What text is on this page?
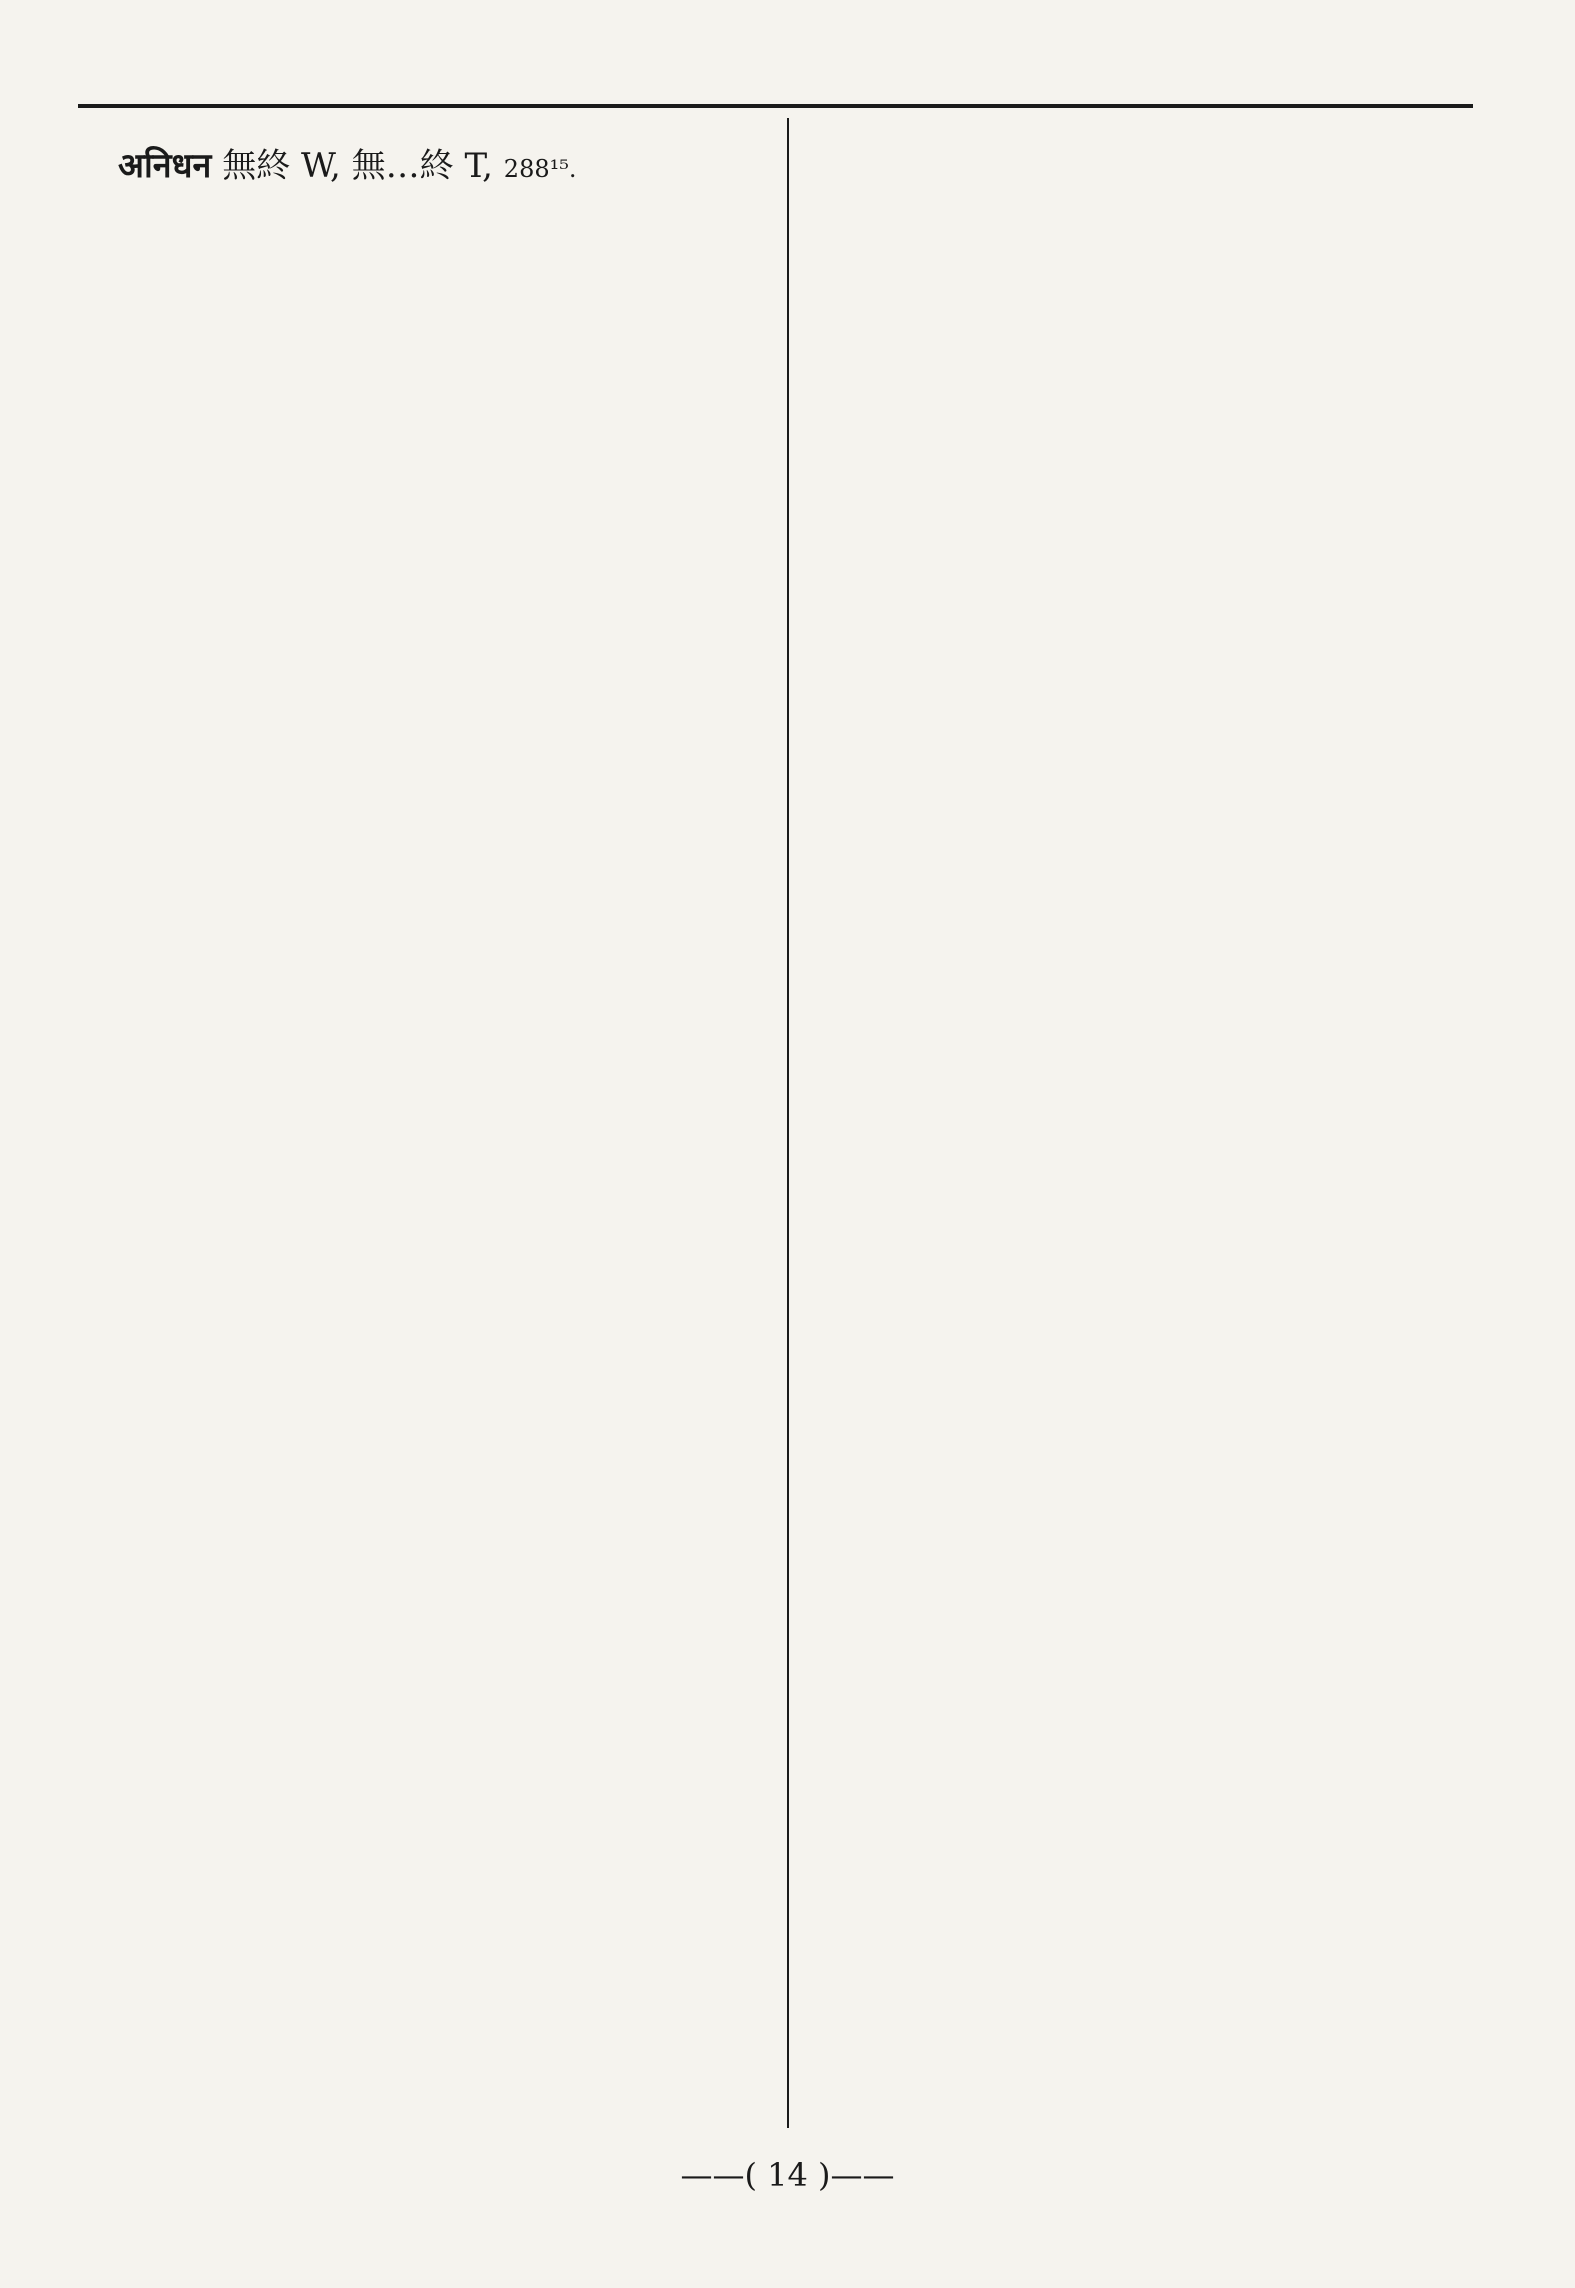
अनिधन 無終 W, 無…終 T, 288¹⁵.
——( 14 )——
